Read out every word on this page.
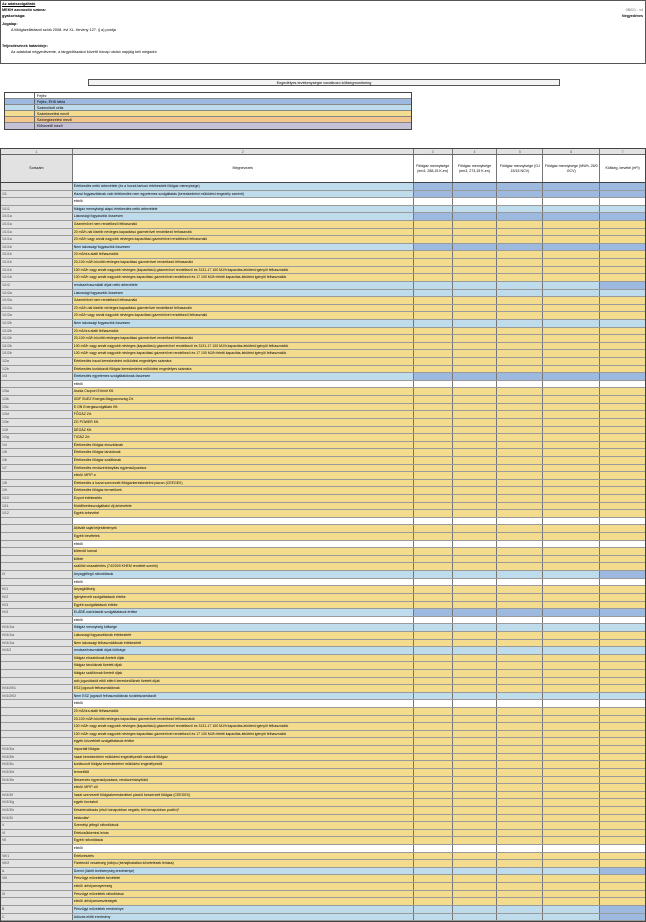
Az adatszolgáltató
MEKH azonosító száma:	0B021 - v4
gyakorisága:	Negyedéves
Jogalap:
A földgázellátásról szóló 2008. évi XL. törvény 127. § a) pontja
Teljesítésének határideje:
Az adatokat negyedévente, a tárgyidőszakot követő hónap utolsó napjáig kell megadni.
Engedélyes tevékenységre vonatkozó költségmonitoring
Fejléc
Fejléc, ÉHD táblá
Számoldott cella
Számkezelési mező
Szövegkezelési mező
Elővezető mező
1	2	3	4	5	6	7
Sorszám	Megnevezés
Földgáz mennyisége (em3, 288,15 K-en)
Földgáz mennyisége (em3, 273,15 K-en)
Földgáz mennyisége (GJ 15/15 NCV)
Földgáz mennyisége (MWh, 25/0 GCV)
Költség, bevétel (eFt)
Értékesítés nettó árbevétele (és a hozzá tartozó értékesített földgáz mennyisége)
1/1	Hazai fogyasztóknak való értékesítés nem egyetemes szolgáltatás (kereskedelmi működési engedély szerinti)
ebből:
1/1/1	földgáz mennyiségi alapú értékesítés nettó árbevétele
1/1/1a	Lakossági fogyasztók összesen
1/1/1a	Gázmérővel nem rendelkező felhasználó
1/1/1a	20 m3/h-nál kisebb névleges kapacitású gázmérővel rendelkező felhasználó
1/1/1a	20 m3/h vagy annál nagyobb névleges kapacitású gázmérővel rendelkező felhasználó
1/1/1b	Nem lakossági fogyasztók összesen
1/1/1b	20 m3/óra alatti felhasználók
1/1/1b	20-100 m3/h közötti névleges kapacitású gázmérővel rendelkező felhasználó
1/1/1b	100 m3/h vagy annál nagyobb névleges (kapacitású) gázmérővel rendelkező és 3131-17 100 MJ/h kapacitás-lekötést igénylő felhasználók
1/1/1b	100 m3/h vagy annál nagyobb névleges kapacitású gázmérővel rendelkező és 17 100 MJ/h feletti kapacitás-lekötést igénylő felhasználók
1/1/2	rendszerhasználati díjak nettó árbevétele
1/1/2a	Lakossági fogyasztók összesen
1/1/2a	Gázmérővel nem rendelkező felhasználó
1/1/2a	20 m3/h-nál kisebb névleges kapacitású gázmérővel rendelkező felhasználó
1/1/2a	20 m3/h vagy annál nagyobb névleges kapacitású gázmérővel rendelkező felhasználó
1/1/2b	Nem lakossági fogyasztók összesen
1/1/2b	20 m3/óra alatti felhasználók
1/1/2b	20-100 m3/h közötti névleges kapacitású gázmérővel rendelkező felhasználó
1/1/2b	100 m3/h vagy annál nagyobb névleges (kapacitású) gázmérővel rendelkező és 3131-17 100 MJ/h kapacitás-lekötést igénylő felhasználók
1/1/2b	100 m3/h vagy annál nagyobb névleges kapacitású gázmérővel rendelkező és 17 100 MJ/h feletti kapacitás-lekötést igénylő felhasználók
1/2a	Értékesítés hazai kereskedelmi működési engedélyes számára
1/2b	Értékesítés korlátozott földgáz kereskedelmi működési engedélyes számára
1/3	Értékesítés egyetemes szolgáltatóknak összesen
ebből:
1/3a	Aszka Csoport Erőmű Kft.
1/3b	GDF SUEZ Energia Magyarország Zrt.
1/3c	E.ON Energiaszolgáltató Kft.
1/3d	FŐGÁZ Zrt.
1/3e	ZG POWER Kft.
1/3f	DÉGÁZ Kft.
1/3g	TIGÁZ Zrt.
1/4	Értékesítés földgáz elosztóknak
1/5	Értékesítés földgáz tárolóknak
1/6	Értékesítés földgáz szállítónak
1/7	Értékesítés rendszerirányítás egyensúlyozásra
ebből: MFIP-n
1/8	Értékesítés a hazai szervezett földgázkereskedelmi piacon (CEEGEX)
1/9	Értékesítés földgáz termelőnek
1/10	Export értékesítés
1/11	Mobilfizetésszolgáltatói díj árbevétele
1/12	Egyéb árbevétel
Aktivált saját teljesítmények
Egyéb bevételek
ebből:
kötendő kamat
kötbér
szállítói visszatérítés (74/2009 KHEM rendelet szerint)
IV	Anyagjellegű ráfordítások
ebből:
IV/1	Anyagköltség
IV/2	Igénybevett szolgáltatások értéke
IV/3	Egyéb szolgáltatások értéke
IV/4	ELÁBÉ-nak/eladott szolgáltatások értéke
ebből:
IV/4/1/a	földgáz mennyiség költsége
IV/4/1/a	Lakossági fogyasztóknak értékesített
IV/4/1/a	Nem lakossági felhasználóknak értékesített
IV/4/2	rendszerhasználati díjak költsége
földgáz elosztóknak fizetett díjak
földgáz tárolóknak fizetett díjak
földgáz szállítónak fizetett díjak
adó jogosítástól ettől eltérő kereskedőknek fizetett díjak
IV/4/2/f/1	ESZ jogosult felhasználóknak
IV/4/2/f/2	Nem ESZ jogosult felhasználóknak továbbszámlázott
ebből:
20 m3/óra alatti felhasználók
20-100 m3/h közötti névleges kapacitású gázmérővel rendelkező felhasználók
100 m3/h vagy annál nagyobb névleges (kapacitású) gázmérővel rendelkező és 3131-17 100 MJ/h kapacitás-lekötést igénylő felhasználók
100 m3/h vagy annál nagyobb névleges kapacitású gázmérővel rendelkező és 17 100 MJ/h feletti kapacitás-lekötést igénylő felhasználók
egyéb közvetített szolgáltatások értéke
IV/4/3/a	Importált földgáz
IV/4/3/b	hazai kereskedelmi működési engedélyestől vásárolt földgáz
IV/4/3/c	korlátozott földgáz kereskedelmi működési engedélyestől
IV/4/3/d	termelőtől
IV/4/3/e	Beszerzés egyensúlyozásra, rendszerirányítótól
ebből: MFIP-ről
IV/4/3/f	hazai szervezett földgázkereskedelmi piactól beszerzett földgáz (CEEGEX)
IV/4/3/g	egyéb forrásból
IV/4/3/h	Készletváltozás (első hónapokban negatív, téli hónapokban pozitív)*
IV/4/3/i	betárolás*
V	Személyi jellegű ráfordítások
VI	Értékcsökkenési leírás
VII	Egyéb ráfordítások
ebből:
VII/1	Értékvesztés
VII/2	Fizetendő veszteség (stb/pu (behajthatatlan követelések leírása)
A	Üzemi (üzleti tevékenység eredménye)
VIII	Pénzügyi műveletek bevételei
ebből: árfolyamnyereség
IX	Pénzügyi műveletek ráfordításai
ebből: árfolyamveszteségek
B	Pénzügyi műveletek eredménye
C	Adózás előtti eredmény
